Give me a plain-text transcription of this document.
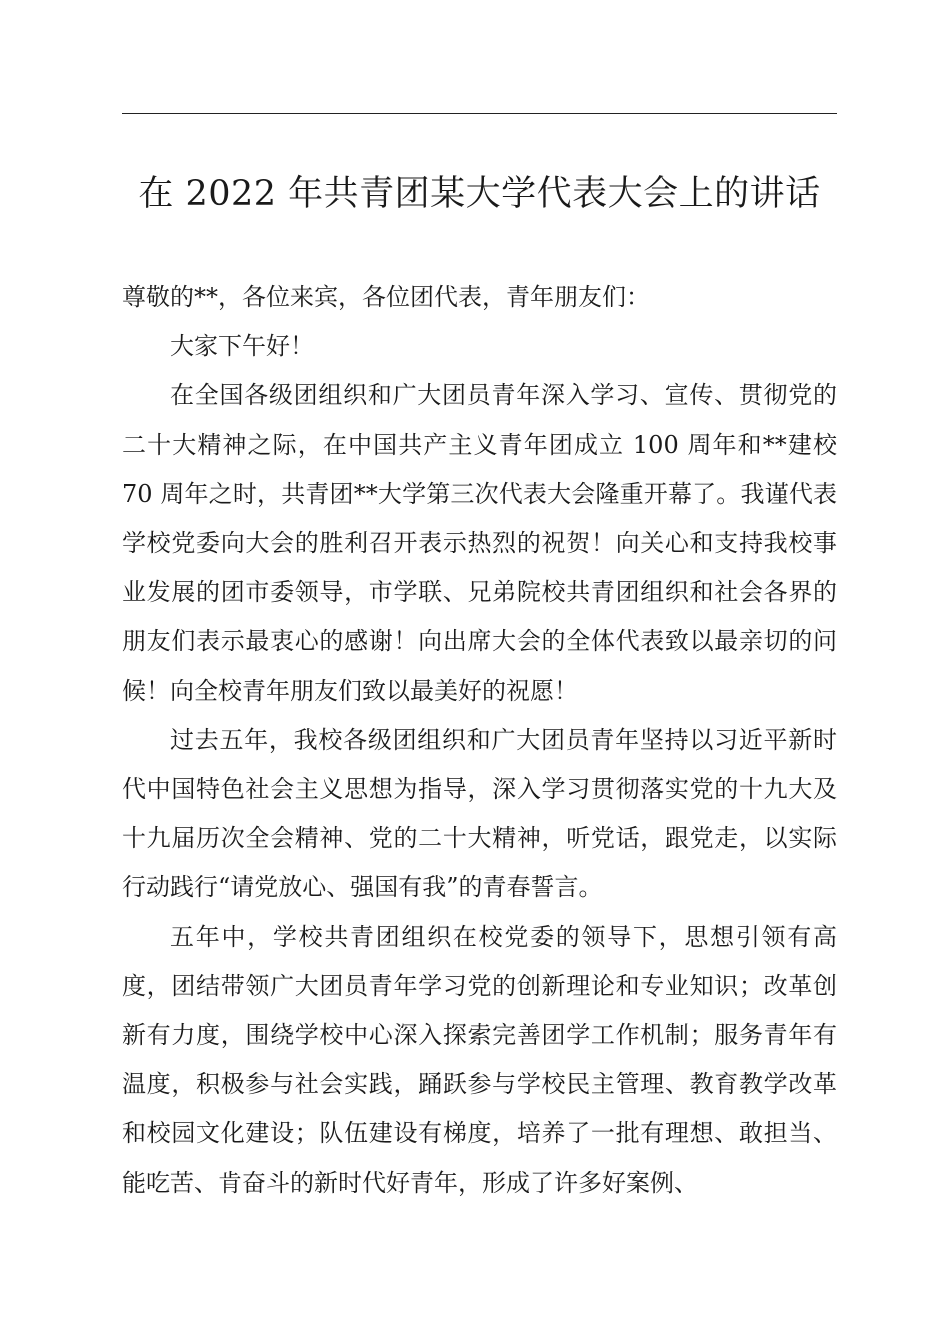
在 2022 年共青团某大学代表大会上的讲话

尊敬的**，各位来宾，各位团代表，青年朋友们：

大家下午好！

在全国各级团组织和广大团员青年深入学习、宣传、贯彻党的二十大精神之际，在中国共产主义青年团成立 100 周年和**建校 70 周年之时，共青团**大学第三次代表大会隆重开幕了。我谨代表学校党委向大会的胜利召开表示热烈的祝贺！向关心和支持我校事业发展的团市委领导，市学联、兄弟院校共青团组织和社会各界的朋友们表示最衷心的感谢！向出席大会的全体代表致以最亲切的问候！向全校青年朋友们致以最美好的祝愿！

过去五年，我校各级团组织和广大团员青年坚持以习近平新时代中国特色社会主义思想为指导，深入学习贯彻落实党的十九大及十九届历次全会精神、党的二十大精神，听党话，跟党走，以实际行动践行“请党放心、强国有我”的青春誓言。

五年中，学校共青团组织在校党委的领导下，思想引领有高度，团结带领广大团员青年学习党的创新理论和专业知识；改革创新有力度，围绕学校中心深入探索完善团学工作机制；服务青年有温度，积极参与社会实践，踊跃参与学校民主管理、教育教学改革和校园文化建设；队伍建设有梯度，培养了一批有理想、敢担当、能吃苦、肯奋斗的新时代好青年，形成了许多好案例、
